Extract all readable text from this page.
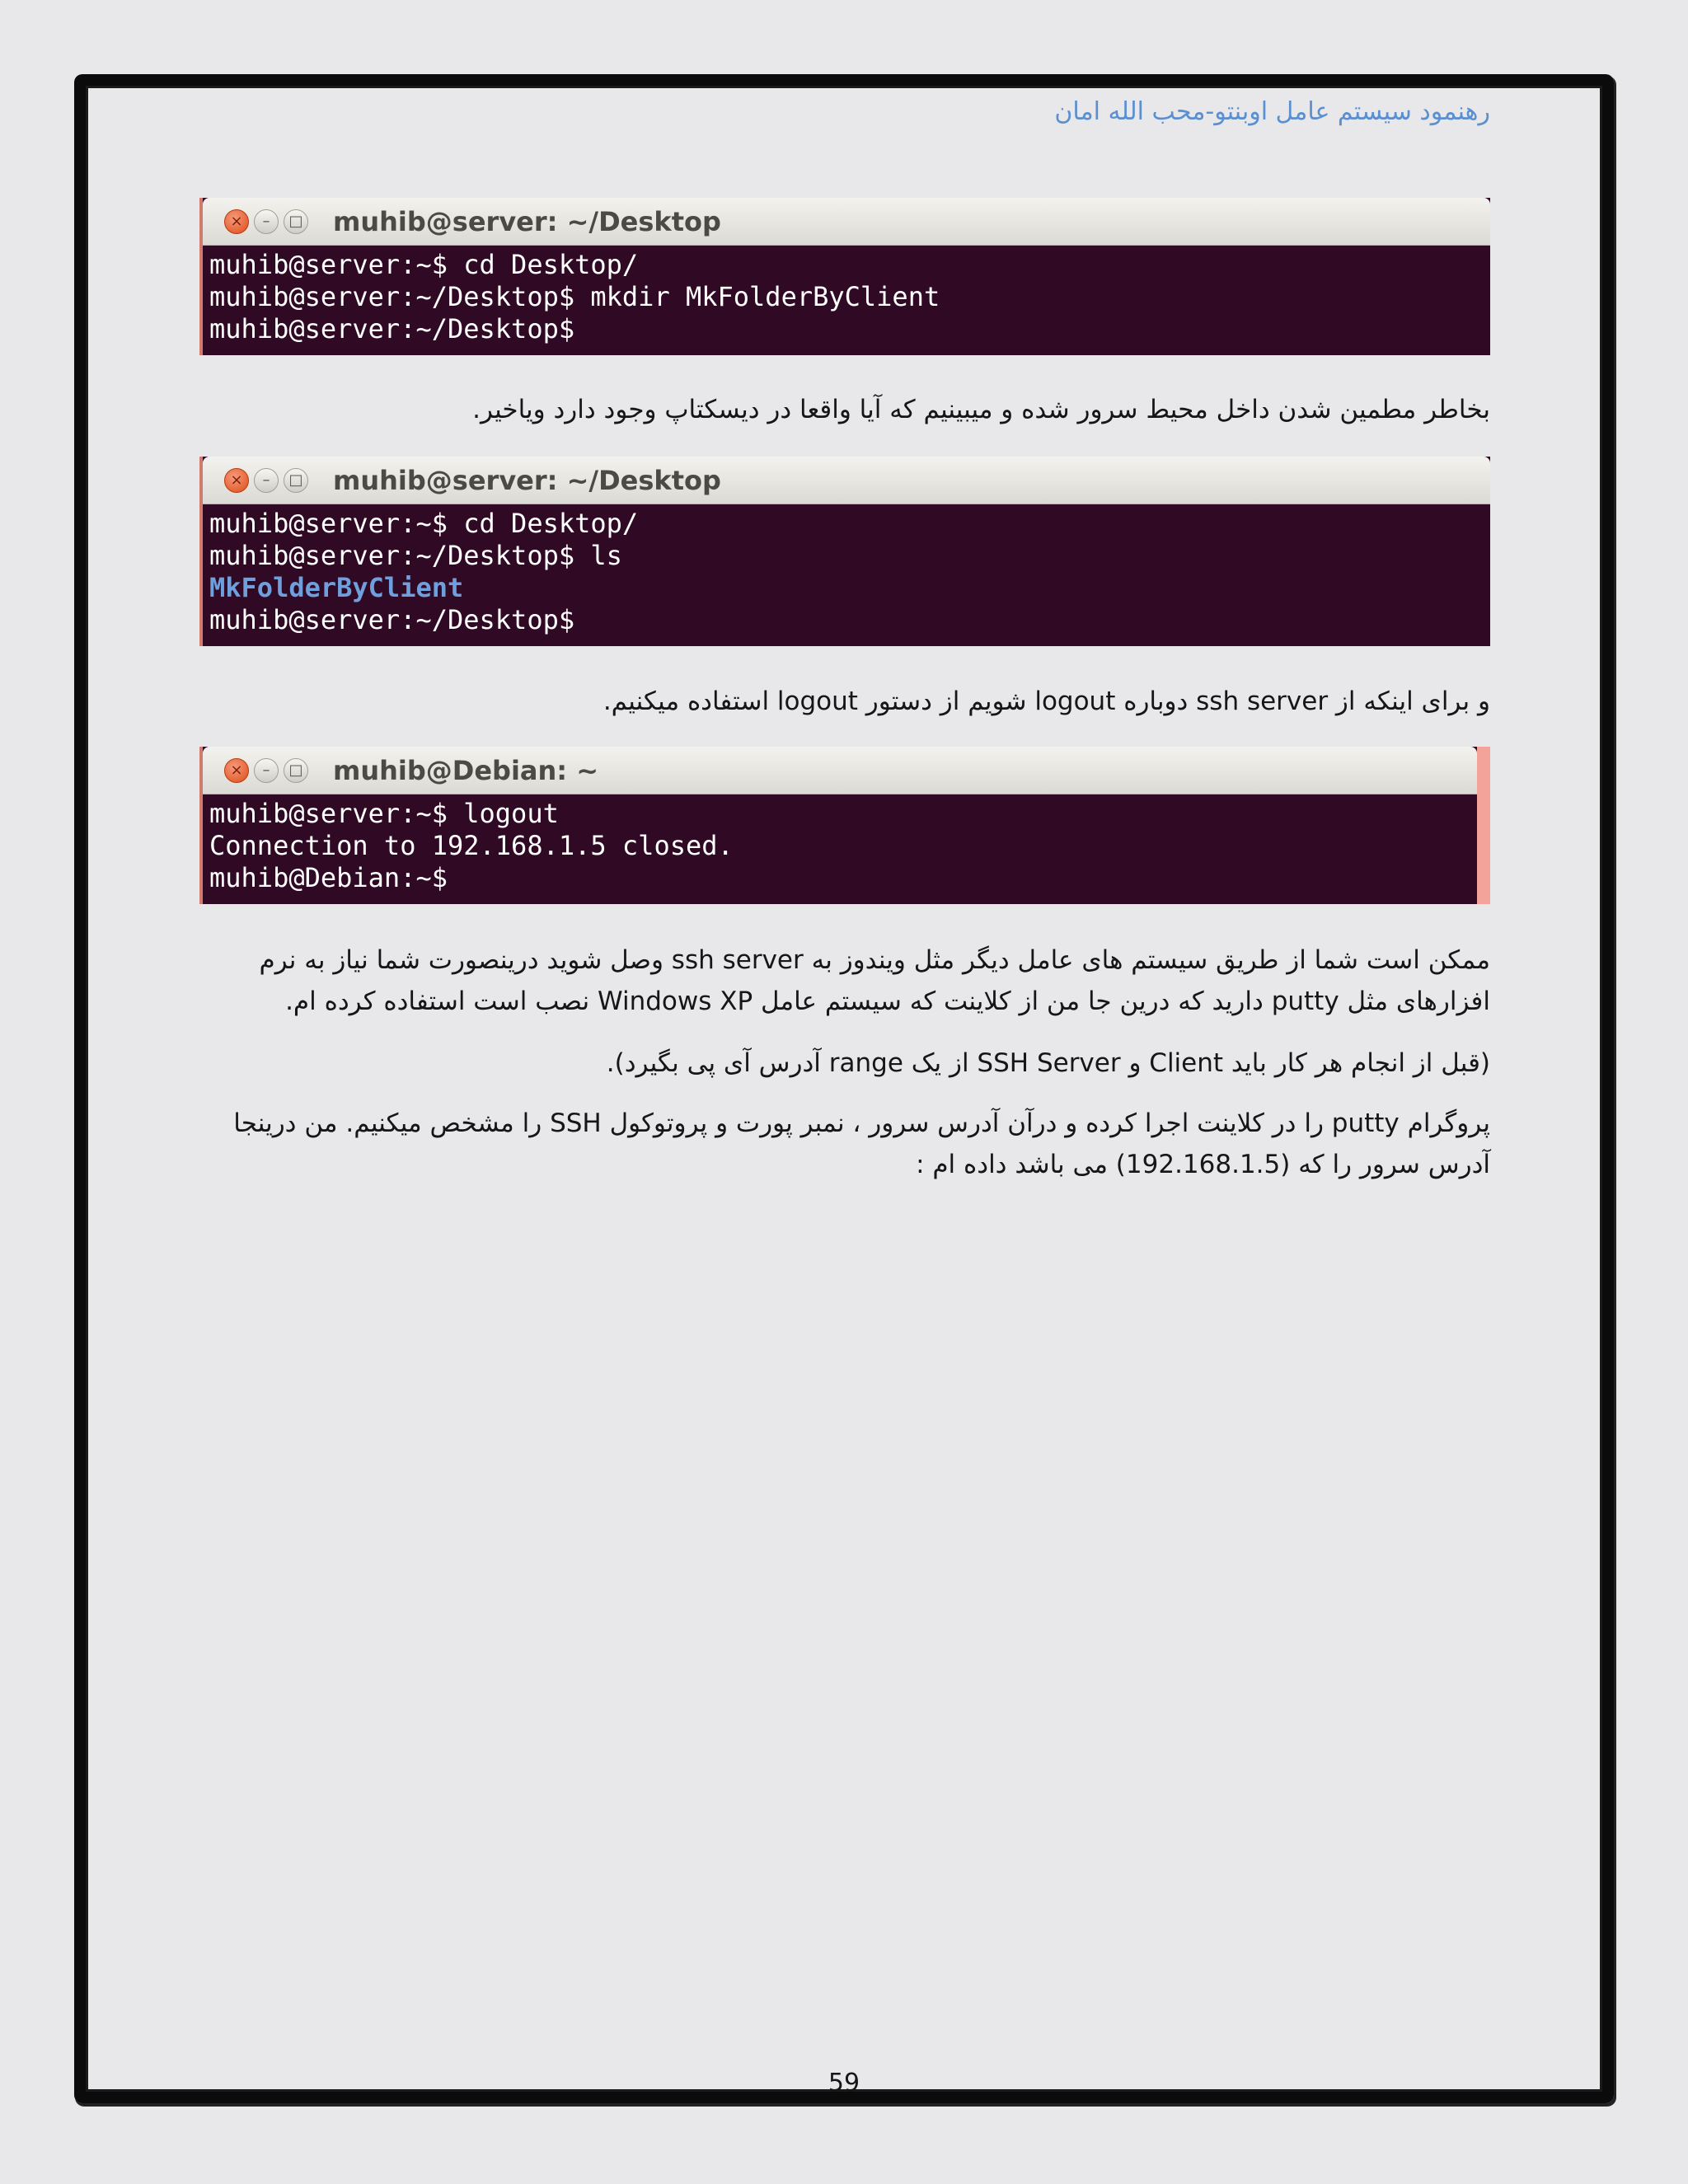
رهنمود سیستم عامل اوبنتو-محب الله امان
×	–	□ muhib@server: ~/Desktop
muhib@server:~$ cd Desktop/
muhib@server:~/Desktop$ mkdir MkFolderByClient
muhib@server:~/Desktop$
بخاطر مطمین شدن داخل محیط سرور شده و میبینیم که آیا واقعا در دیسکتاپ وجود دارد ویاخیر.
×	–	□ muhib@server: ~/Desktop
muhib@server:~$ cd Desktop/
muhib@server:~/Desktop$ ls
MkFolderByClient
muhib@server:~/Desktop$
و برای اینکه از ssh server دوباره logout شویم از دستور logout استفاده میکنیم.
×	–	□ muhib@Debian: ~
muhib@server:~$ logout
Connection to 192.168.1.5 closed.
muhib@Debian:~$
ممکن است شما از طریق سیستم های عامل دیگر مثل ویندوز به ssh server وصل شوید درینصورت شما نیاز به نرم افزارهای مثل putty دارید که درین جا من از کلاینت که سیستم عامل Windows XP نصب است استفاده کرده ام.
(قبل از انجام هر کار باید Client و SSH Server از یک range آدرس آی پی بگیرد).
پروگرام putty را در کلاینت اجرا کرده و درآن آدرس سرور ، نمبر پورت و پروتوکول SSH را مشخص میکنیم. من درینجا آدرس سرور را که (192.168.1.5) می باشد داده ام :
59
